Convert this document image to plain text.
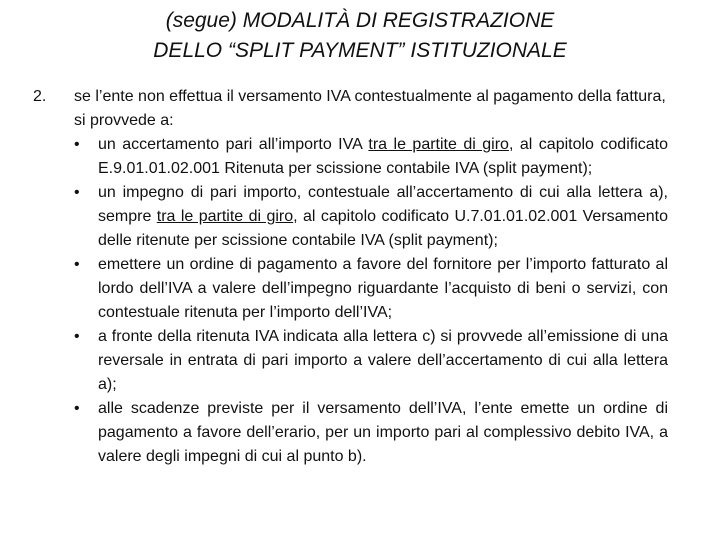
(segue) MODALITÀ DI REGISTRAZIONE
DELLO “SPLIT PAYMENT” ISTITUZIONALE
2. se l’ente non effettua il versamento IVA contestualmente al pagamento della fattura, si provvede a:
•	un accertamento pari all’importo IVA tra le partite di giro, al capitolo codificato E.9.01.01.02.001 Ritenuta per scissione contabile IVA (split payment);
•	un impegno di pari importo, contestuale all’accertamento di cui alla lettera a), sempre tra le partite di giro, al capitolo codificato U.7.01.01.02.001 Versamento delle ritenute per scissione contabile IVA (split payment);
•	emettere un ordine di pagamento a favore del fornitore per l’importo fatturato al lordo dell’IVA a valere dell’impegno riguardante l’acquisto di beni o servizi, con contestuale ritenuta per l’importo dell’IVA;
•	a fronte della ritenuta IVA indicata alla lettera c) si provvede all’emissione di una reversale in entrata di pari importo a valere dell’accertamento di cui alla lettera a);
•	alle scadenze previste per il versamento dell’IVA, l’ente emette un ordine di pagamento a favore dell’erario, per un importo pari al complessivo debito IVA, a valere degli impegni di cui al punto b).
